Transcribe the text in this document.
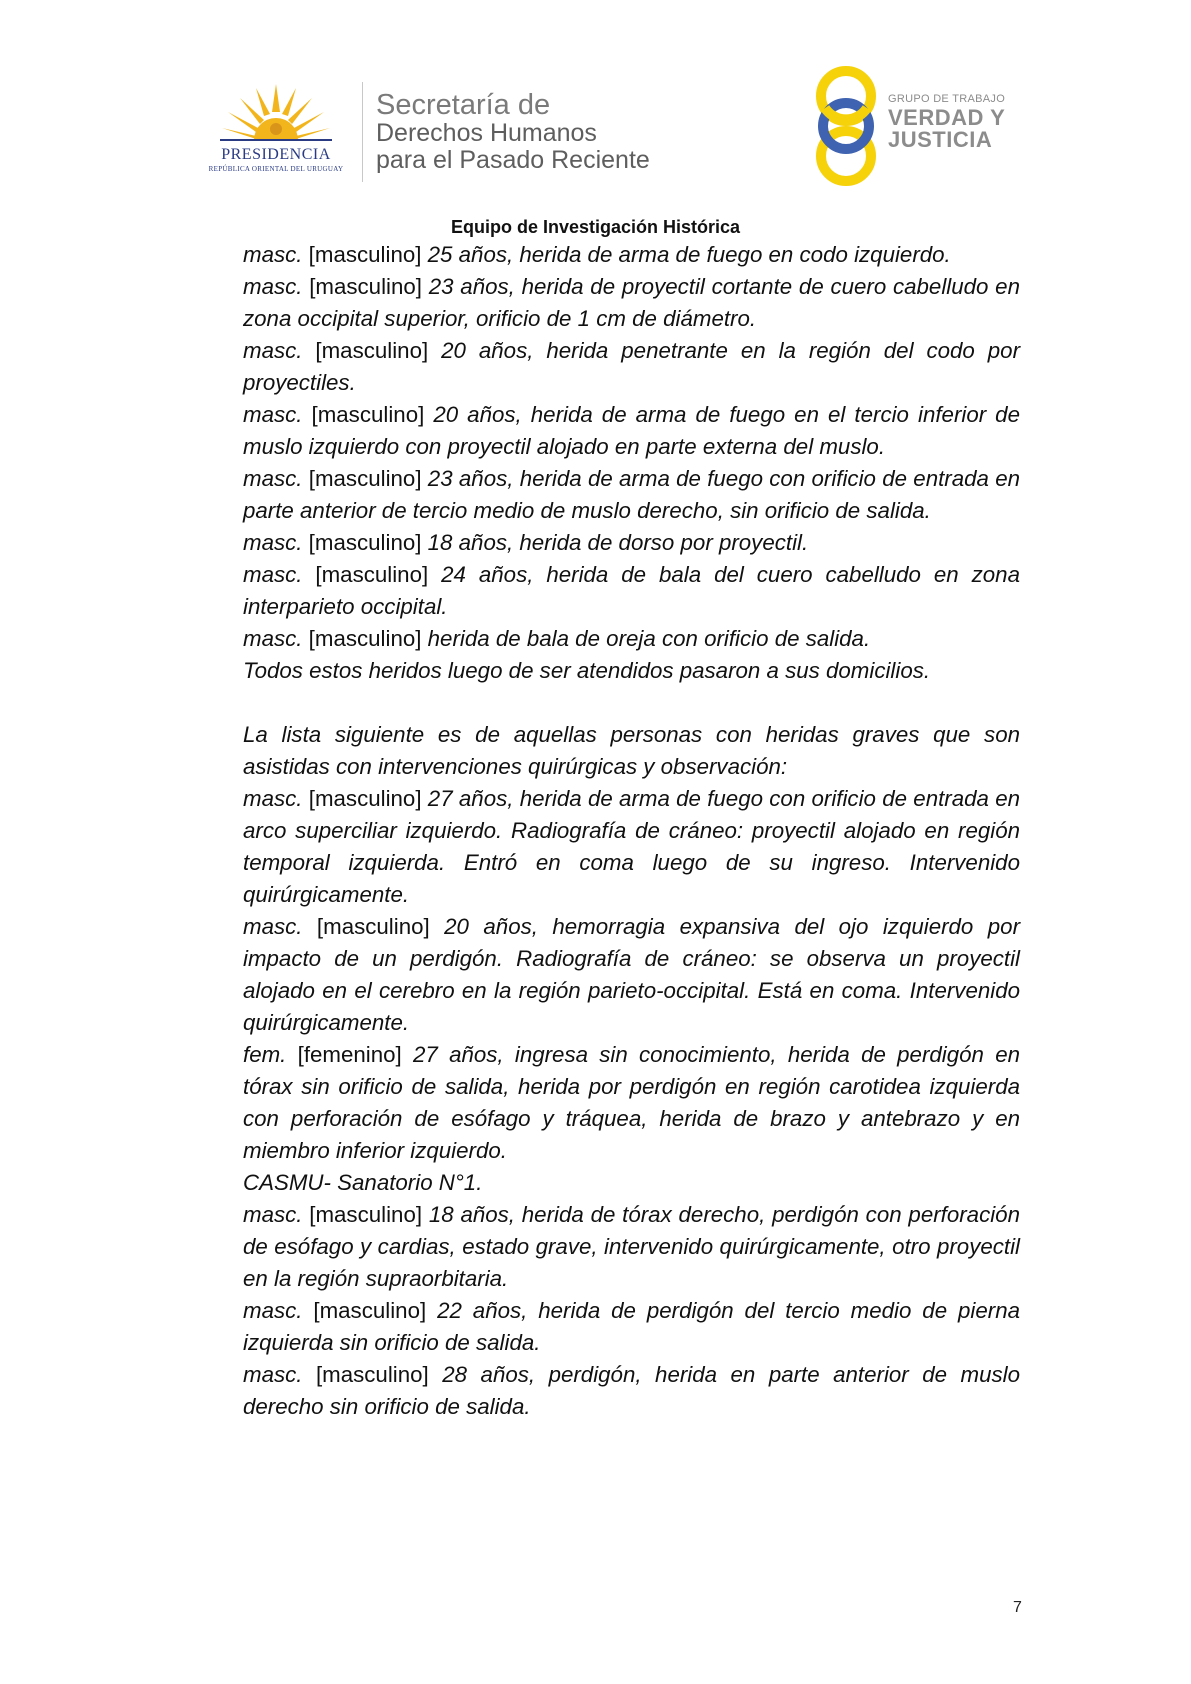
PRESIDENCIA
REPÚBLICA ORIENTAL DEL URUGUAY
Secretaría de
Derechos Humanos
para el Pasado Reciente
GRUPO DE TRABAJO
VERDAD Y
JUSTICIA
Equipo de Investigación Histórica

masc. [masculino] 25 años, herida de arma de fuego en codo izquierdo.

masc. [masculino] 23 años, herida de proyectil cortante de cuero cabelludo en zona occipital superior, orificio de 1 cm de diámetro.

masc. [masculino] 20 años, herida penetrante en la región del codo por proyectiles.

masc. [masculino] 20 años, herida de arma de fuego en el tercio inferior de muslo izquierdo con proyectil alojado en parte externa del muslo.

masc. [masculino] 23 años, herida de arma de fuego con orificio de entrada en parte anterior de tercio medio de muslo derecho, sin orificio de salida.

masc. [masculino] 18 años, herida de dorso por proyectil.

masc. [masculino] 24 años, herida de bala del cuero cabelludo en zona interparieto occipital.

masc. [masculino] herida de bala de oreja con orificio de salida.

Todos estos heridos luego de ser atendidos pasaron a sus domicilios.

La lista siguiente es de aquellas personas con heridas graves que son asistidas con intervenciones quirúrgicas y observación:

masc. [masculino] 27 años, herida de arma de fuego con orificio de entrada en arco superciliar izquierdo. Radiografía de cráneo: proyectil alojado en región temporal izquierda. Entró en coma luego de su ingreso. Intervenido quirúrgicamente.

masc. [masculino] 20 años, hemorragia expansiva del ojo izquierdo por impacto de un perdigón. Radiografía de cráneo: se observa un proyectil alojado en el cerebro en la región parieto-occipital. Está en coma. Intervenido quirúrgicamente.

fem. [femenino] 27 años, ingresa sin conocimiento, herida de perdigón en tórax sin orificio de salida, herida por perdigón en región carotidea izquierda con perforación de esófago y tráquea, herida de brazo y antebrazo y en miembro inferior izquierdo.

CASMU- Sanatorio N°1.

masc. [masculino] 18 años, herida de tórax derecho, perdigón con perforación de esófago y cardias, estado grave, intervenido quirúrgicamente, otro proyectil en la región supraorbitaria.

masc. [masculino] 22 años, herida de perdigón del tercio medio de pierna izquierda sin orificio de salida.

masc. [masculino] 28 años, perdigón, herida en parte anterior de muslo derecho sin orificio de salida.

7
